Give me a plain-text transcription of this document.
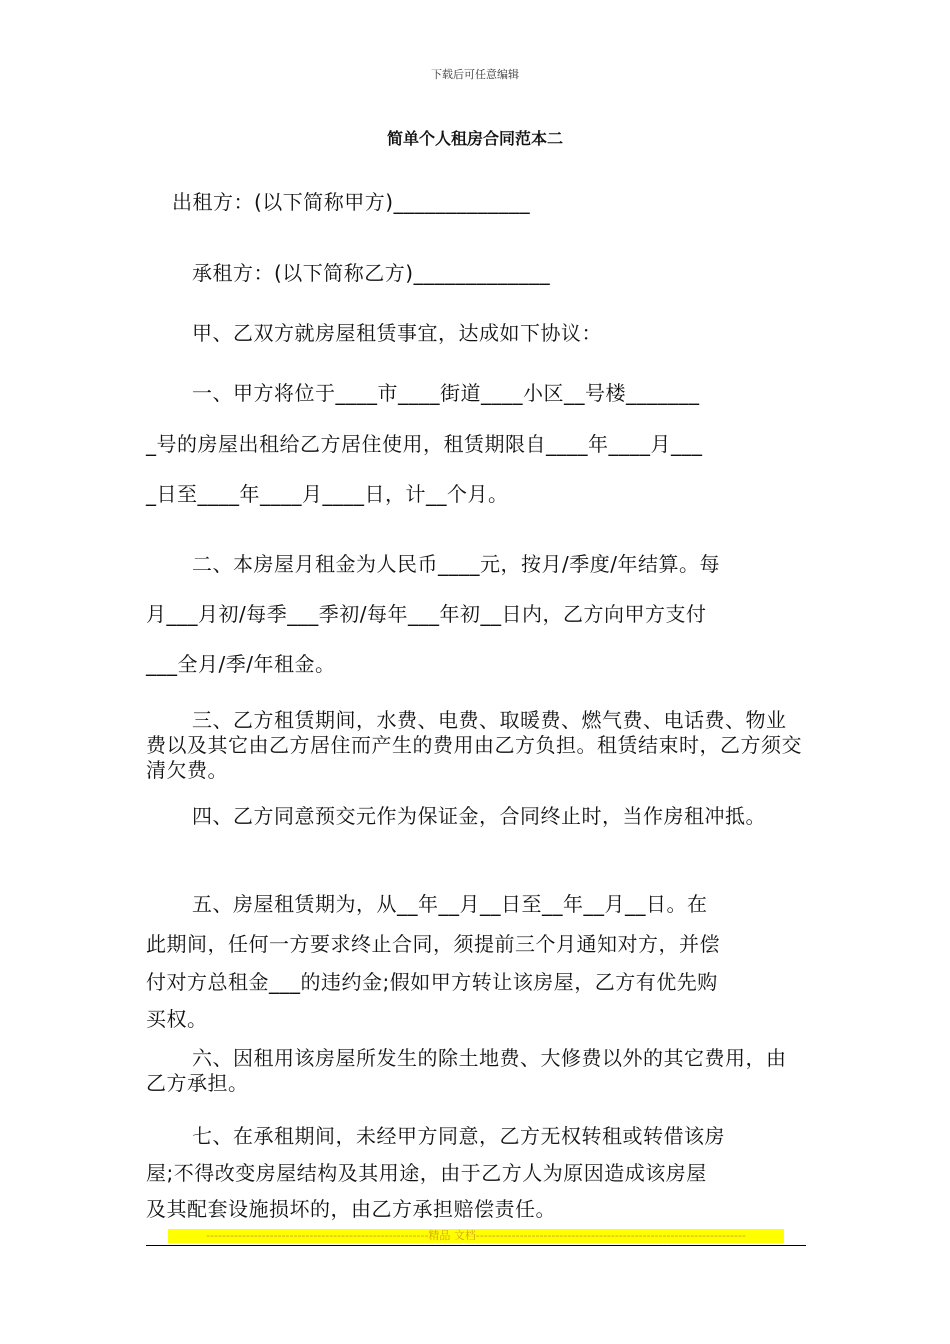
下载后可任意编辑
简单个人租房合同范本二
出租方：(以下简称甲方)_____________
承租方：(以下简称乙方)_____________
甲、乙双方就房屋租赁事宜，达成如下协议：
一、甲方将位于____市____街道____小区__号楼_______
_号的房屋出租给乙方居住使用，租赁期限自____年____月___
_日至____年____月____日，计__个月。
二、本房屋月租金为人民币____元，按月/季度/年结算。每
月___月初/每季___季初/每年___年初__日内，乙方向甲方支付
___全月/季/年租金。
三、乙方租赁期间，水费、电费、取暖费、燃气费、电话费、物业费以及其它由乙方居住而产生的费用由乙方负担。租赁结束时，乙方须交清欠费。
四、乙方同意预交元作为保证金，合同终止时，当作房租冲抵。
五、房屋租赁期为，从__年__月__日至__年__月__日。在
此期间，任何一方要求终止合同，须提前三个月通知对方，并偿
付对方总租金___的违约金;假如甲方转让该房屋，乙方有优先购
买权。
六、因租用该房屋所发生的除土地费、大修费以外的其它费用，由乙方承担。
七、在承租期间，未经甲方同意，乙方无权转租或转借该房
屋;不得改变房屋结构及其用途，由于乙方人为原因造成该房屋
及其配套设施损坏的，由乙方承担赔偿责任。
--------------------------------------------------------精品 文档--------------------------------------------------------------------
